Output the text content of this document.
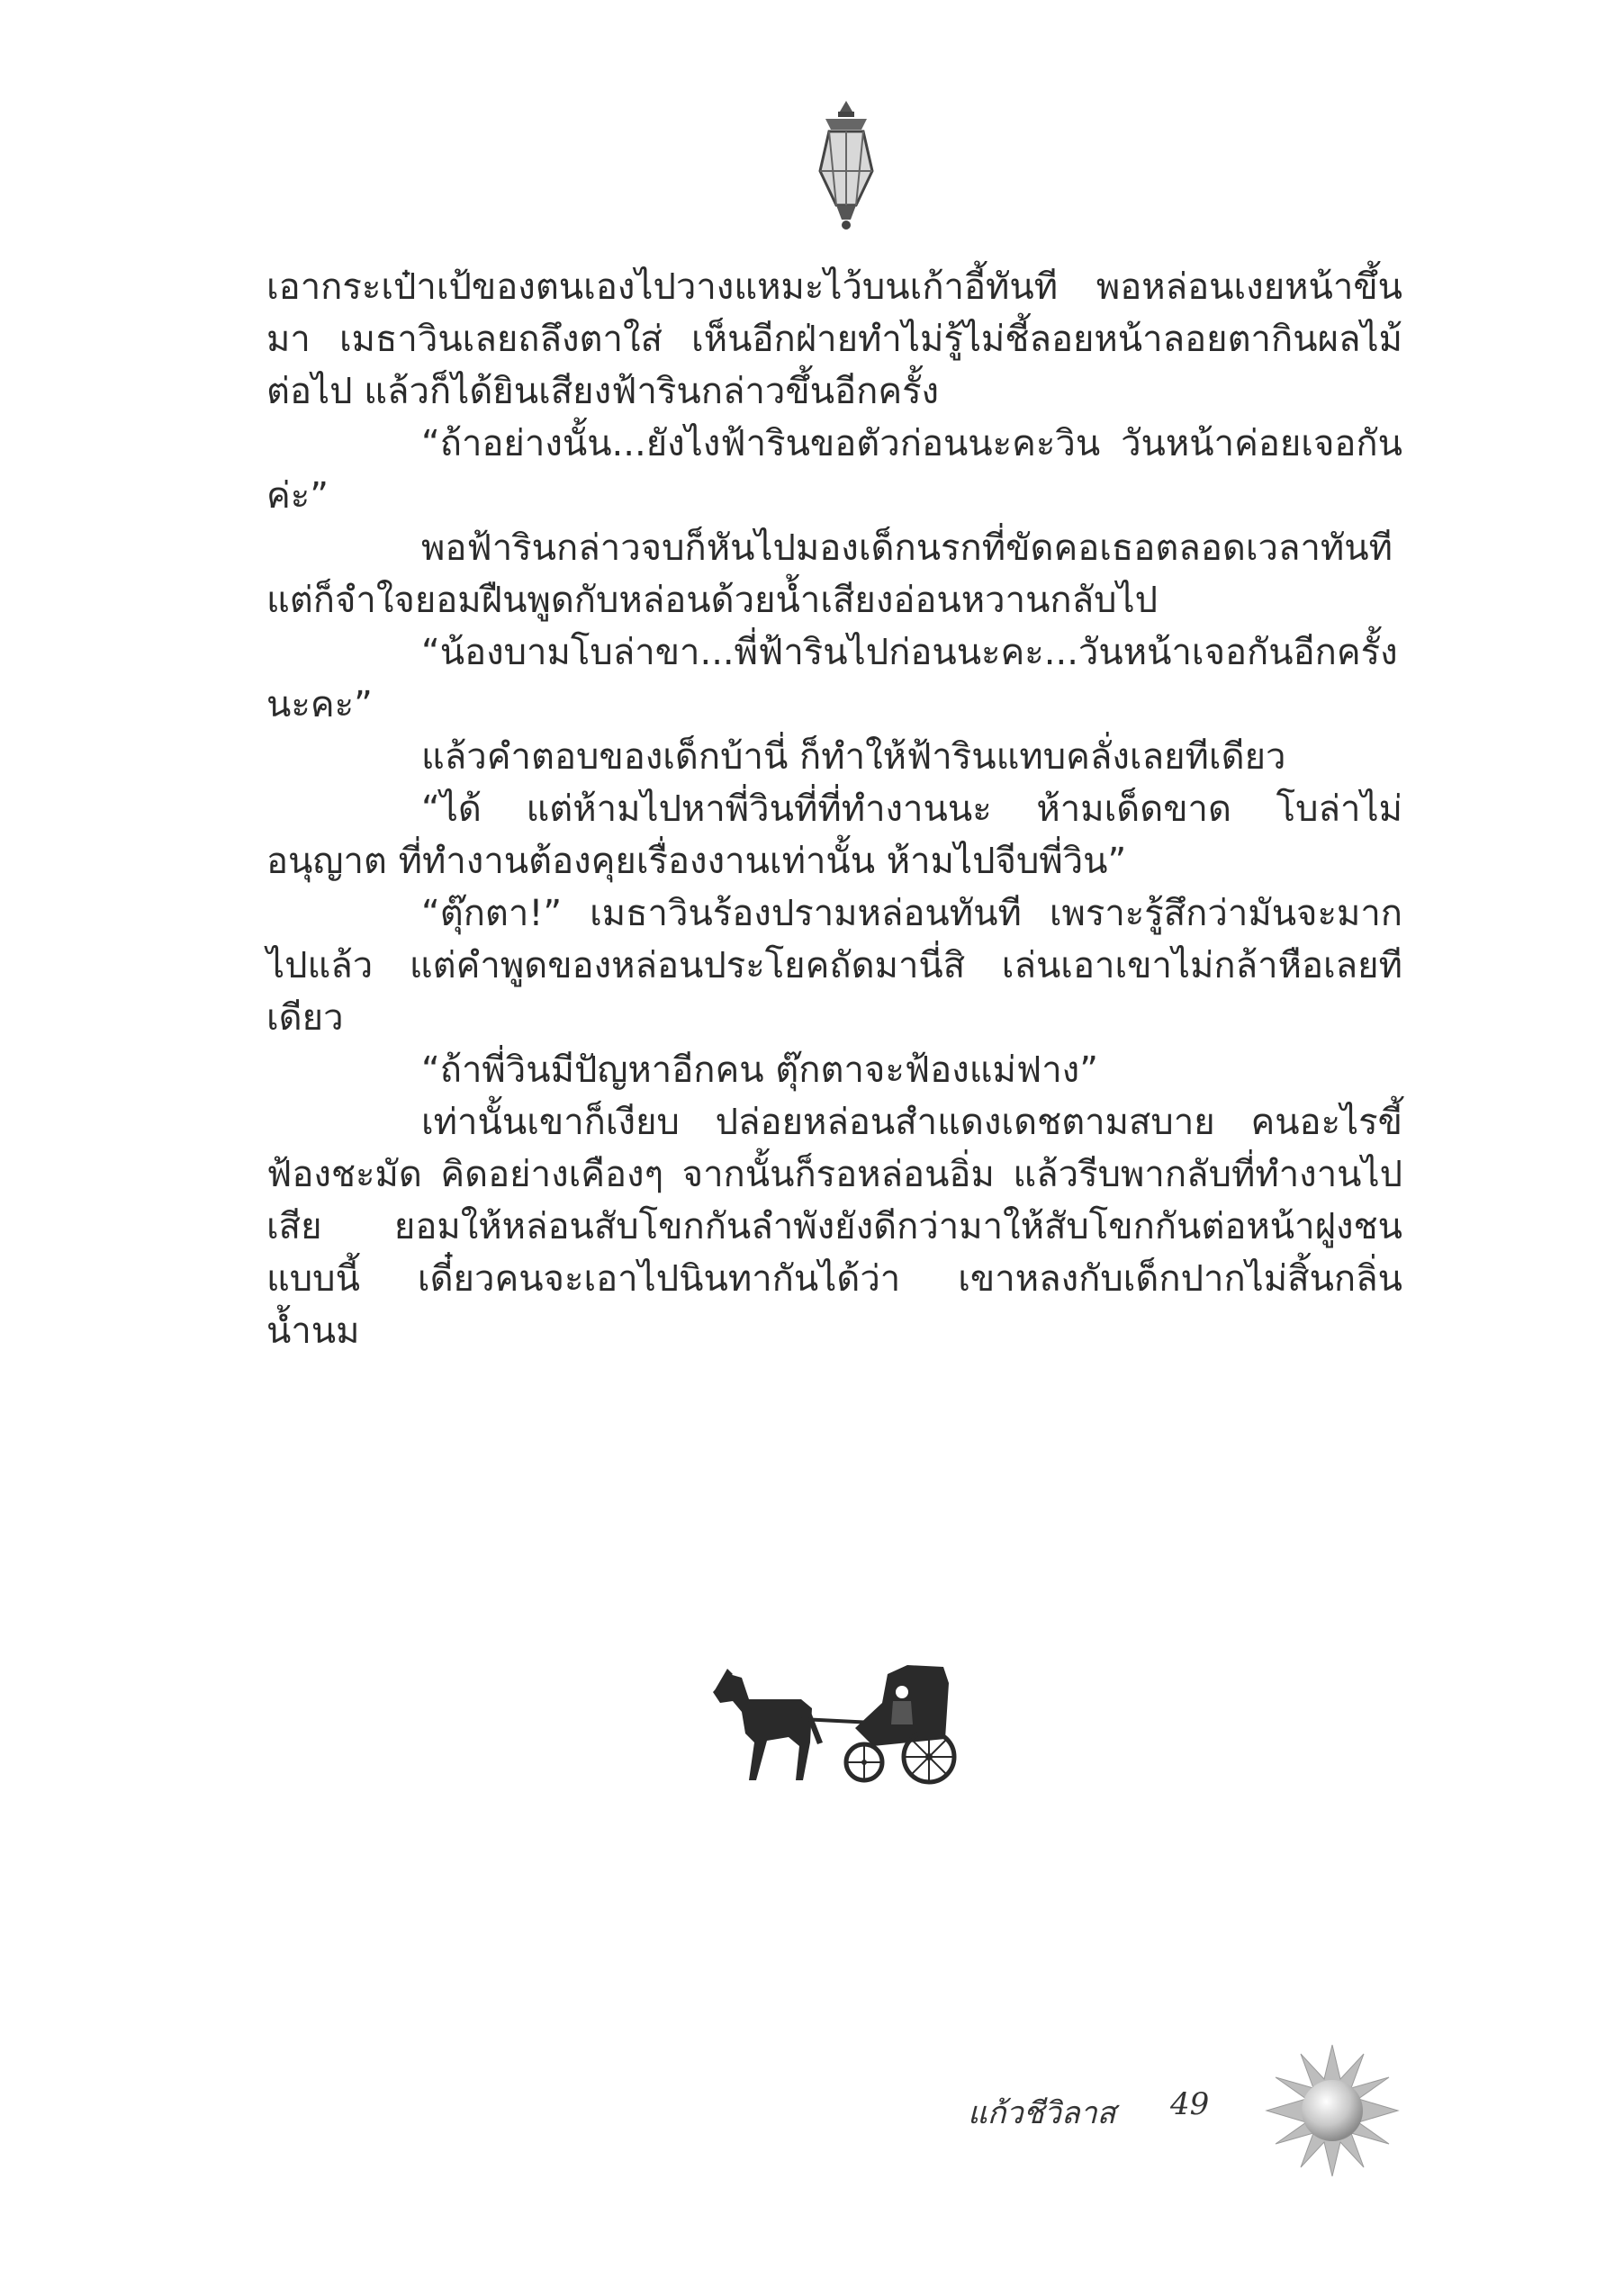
เอากระเป๋าเป้ของตนเองไปวางแหมะไว้บนเก้าอี้ทันที พอหล่อนเงยหน้าขึ้นมา เมธาวินเลยถลึงตาใส่ เห็นอีกฝ่ายทำไม่รู้ไม่ชี้ลอยหน้าลอยตากินผลไม้ต่อไป แล้วก็ได้ยินเสียงฟ้ารินกล่าวขึ้นอีกครั้ง

“ถ้าอย่างนั้น...ยังไงฟ้ารินขอตัวก่อนนะคะวิน วันหน้าค่อยเจอกันค่ะ”

พอฟ้ารินกล่าวจบก็หันไปมองเด็กนรกที่ขัดคอเธอตลอดเวลาทันที แต่ก็จำใจยอมฝืนพูดกับหล่อนด้วยน้ำเสียงอ่อนหวานกลับไป

“น้องบามโบล่าขา...พี่ฟ้ารินไปก่อนนะคะ...วันหน้าเจอกันอีกครั้งนะคะ”

แล้วคำตอบของเด็กบ้านี่ ก็ทำให้ฟ้ารินแทบคลั่งเลยทีเดียว

“ได้ แต่ห้ามไปหาพี่วินที่ที่ทำงานนะ ห้ามเด็ดขาด โบล่าไม่อนุญาต ที่ทำงานต้องคุยเรื่องงานเท่านั้น ห้ามไปจีบพี่วิน”

“ตุ๊กตา!” เมธาวินร้องปรามหล่อนทันที เพราะรู้สึกว่ามันจะมากไปแล้ว แต่คำพูดของหล่อนประโยคถัดมานี่สิ เล่นเอาเขาไม่กล้าหือเลยทีเดียว

“ถ้าพี่วินมีปัญหาอีกคน ตุ๊กตาจะฟ้องแม่ฟาง”

เท่านั้นเขาก็เงียบ ปล่อยหล่อนสำแดงเดชตามสบาย คนอะไรขี้ฟ้องชะมัด คิดอย่างเคืองๆ จากนั้นก็รอหล่อนอิ่ม แล้วรีบพากลับที่ทำงานไปเสีย ยอมให้หล่อนสับโขกกันลำพังยังดีกว่ามาให้สับโขกกันต่อหน้าฝูงชนแบบนี้ เดี๋ยวคนจะเอาไปนินทากันได้ว่า เขาหลงกับเด็กปากไม่สิ้นกลิ่นน้ำนม

แก้วชีวิลาส 49
